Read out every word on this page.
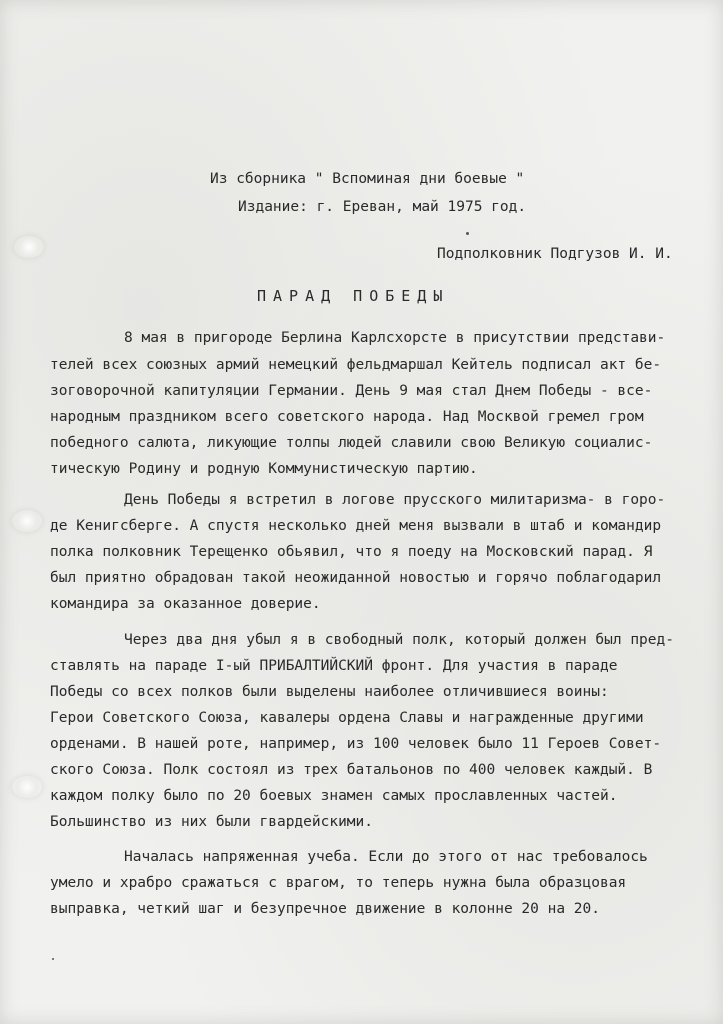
Из сборника " Вспоминая дни боевые "
Издание: г. Ереван, май 1975 год.
Подполковник Подгузов И. И.
ПАРАД ПОБЕДЫ
8 мая в пригороде Берлина Карлсхорсте в присутствии представи-
телей всех союзных армий немецкий фельдмаршал Кейтель подписал акт бе-
зоговорочной капитуляции Германии. День 9 мая стал Днем Победы - все-
народным праздником всего советского народа. Над Москвой гремел гром
победного салюта, ликующие толпы людей славили свою Великую социалис-
тическую Родину и родную Коммунистическую партию.
День Победы я встретил в логове прусского милитаризма- в горо-
де Кенигсберге. А спустя несколько дней меня вызвали в штаб и командир
полка полковник Терещенко обьявил, что я поеду на Московский парад. Я
был приятно обрадован такой неожиданной новостью и горячо поблагодарил
командира за оказанное доверие.
Через два дня убыл я в свободный полк, который должен был пред-
ставлять на параде I-ый ПРИБАЛТИЙСКИЙ фронт. Для участия в параде
Победы со всех полков были выделены наиболее отличившиеся воины:
Герои Советского Союза, кавалеры ордена Славы и награжденные другими
орденами. В нашей роте, например, из 100 человек было 11 Героев Совет-
ского Союза. Полк состоял из трех батальонов по 400 человек каждый. В
каждом полку было по 20 боевых знамен самых прославленных частей.
Большинство из них были гвардейскими.
Началась напряженная учеба. Если до этого от нас требовалось
умело и храбро сражаться с врагом, то теперь нужна была образцовая
выправка, четкий шаг и безупречное движение в колонне 20 на 20.
